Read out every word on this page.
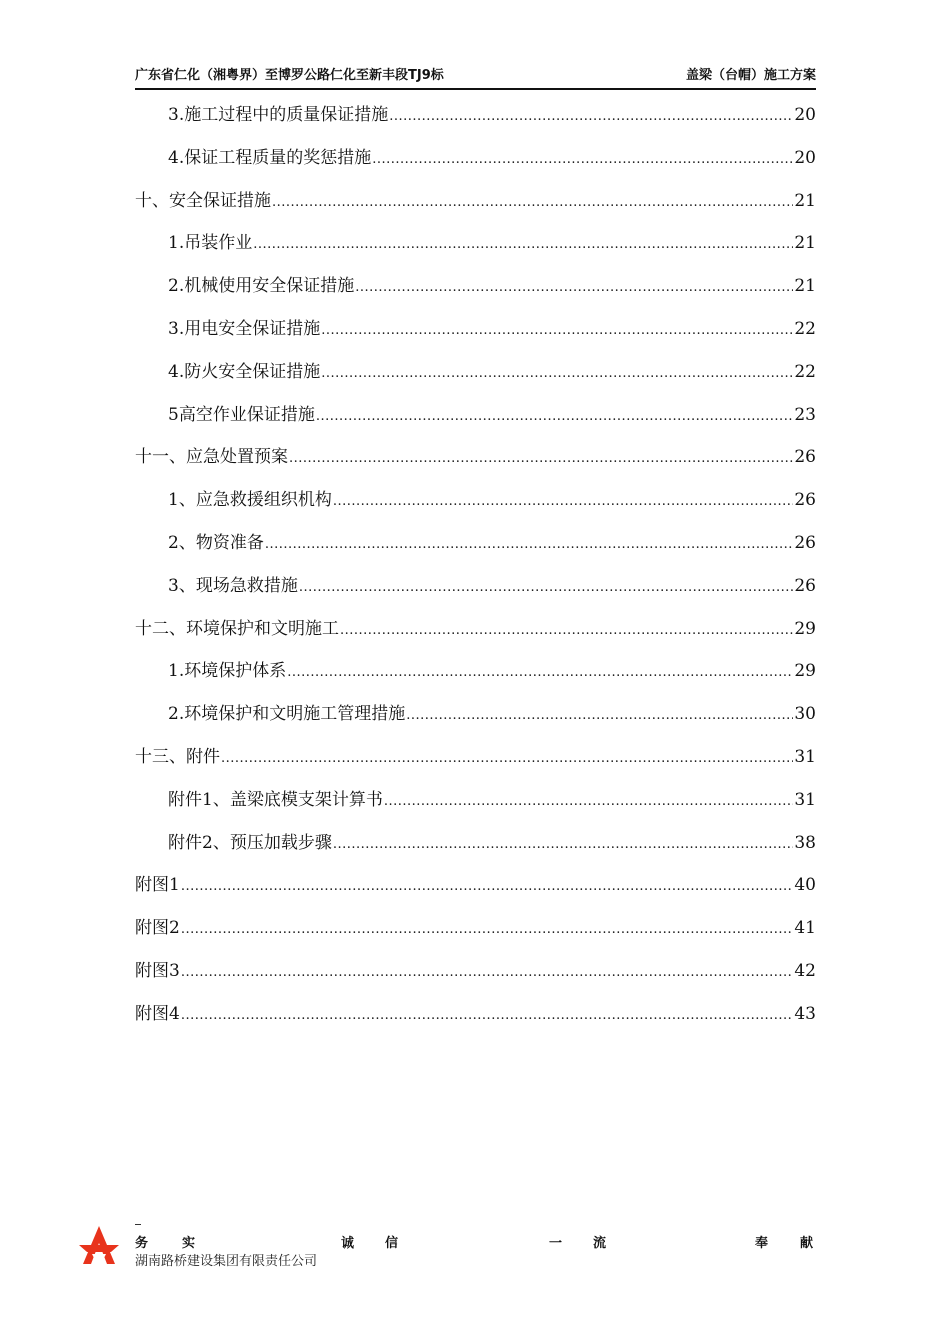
广东省仁化（湘粤界）至博罗公路仁化至新丰段TJ9标	盖梁（台帽）施工方案
3.施工过程中的质量保证措施 .....	20
4.保证工程质量的奖惩措施 .....	20
十、安全保证措施 .....	21
1.吊装作业 .....	21
2.机械使用安全保证措施 .....	21
3.用电安全保证措施 .....	22
4.防火安全保证措施 .....	22
5高空作业保证措施 .....	23
十一、应急处置预案 .....	26
1、应急救援组织机构 .....	26
2、物资准备 .....	26
3、现场急救措施 .....	26
十二、环境保护和文明施工 .....	29
1.环境保护体系 .....	29
2.环境保护和文明施工管理措施 .....	30
十三、附件 .....	31
附件1、盖梁底模支架计算书 .....	31
附件2、预压加载步骤 .....	38
附图1 .....	40
附图2 .....	41
附图3 .....	42
附图4 .....	43
务	实	诚 信	一 流	奉 献
湖南路桥建设集团有限责任公司
